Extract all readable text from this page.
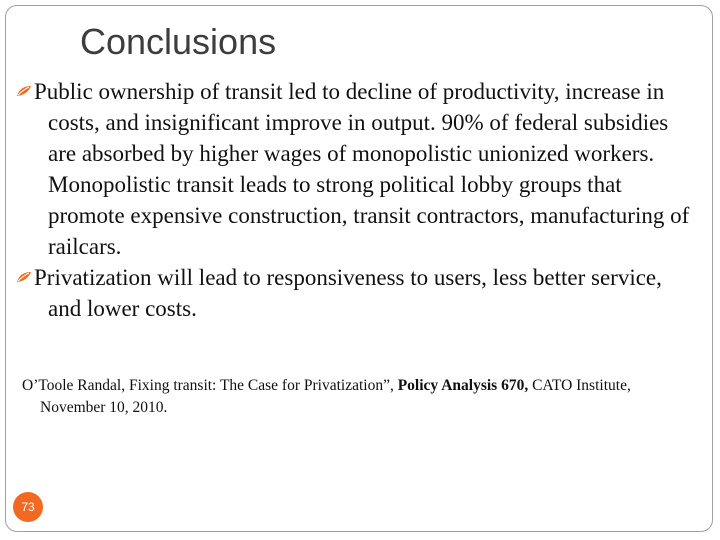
Conclusions
Public ownership of transit led to decline of productivity, increase in costs, and insignificant improve in output. 90% of federal subsidies are absorbed by higher wages of monopolistic unionized workers. Monopolistic transit leads to strong political lobby groups that promote expensive construction, transit contractors, manufacturing of railcars.
Privatization will lead to responsiveness to users, less better service, and lower costs.
O’Toole Randal, Fixing transit: The Case for Privatization”, Policy Analysis 670, CATO Institute, November 10, 2010.
73
